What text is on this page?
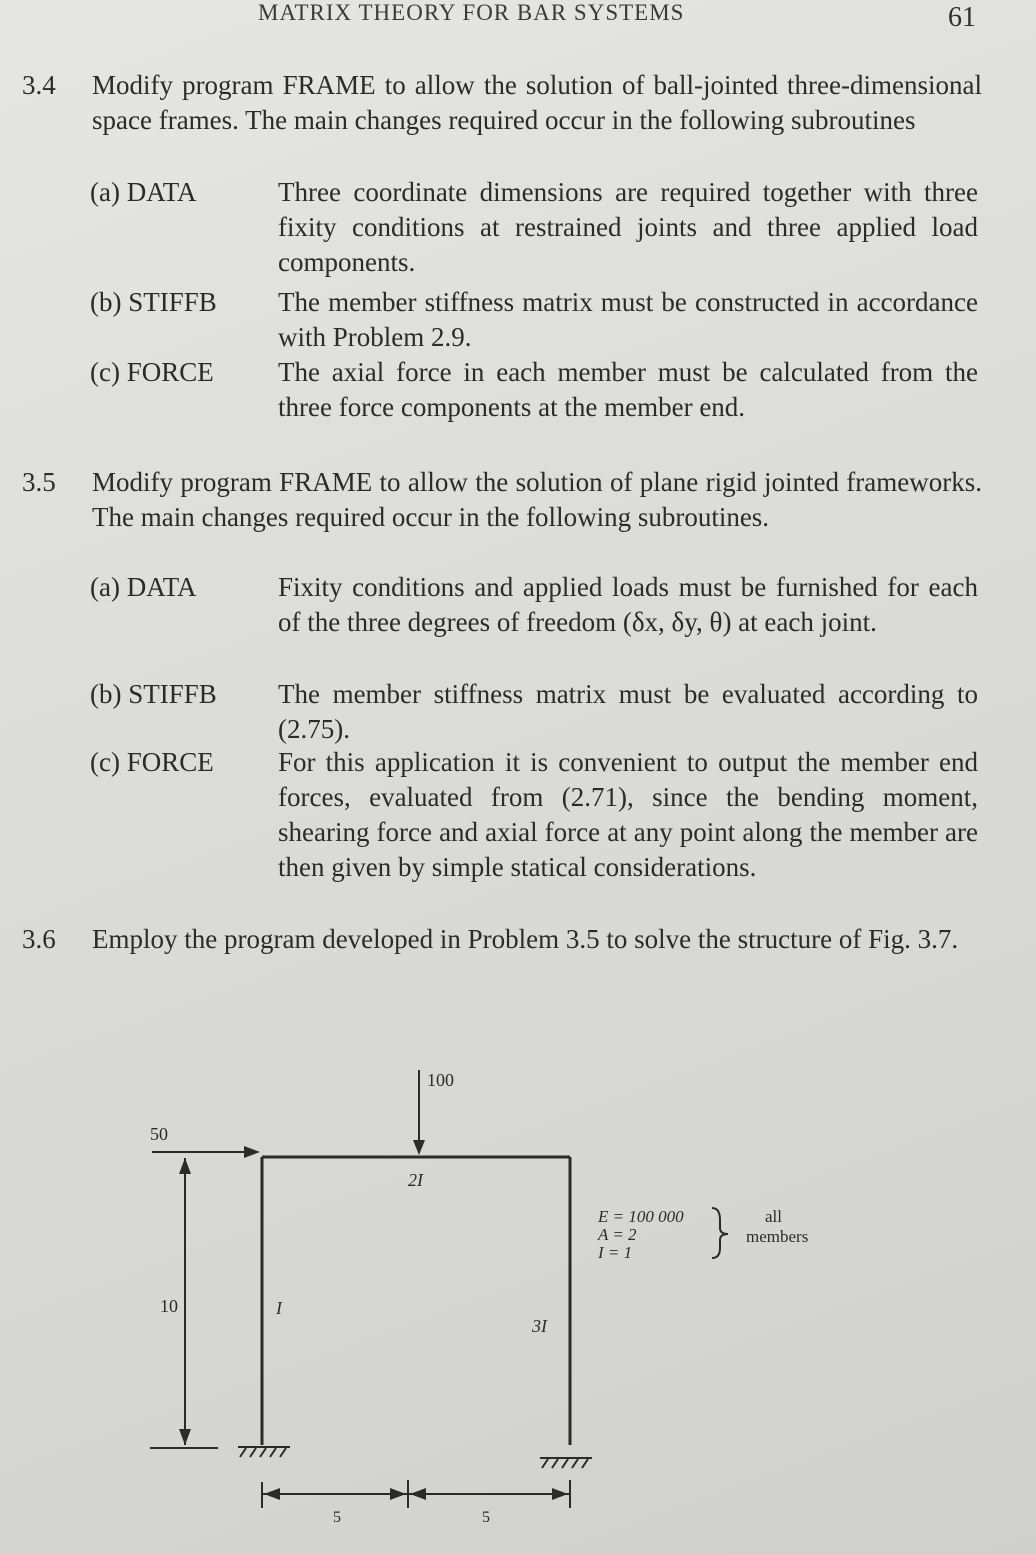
MATRIX THEORY FOR BAR SYSTEMS	61
3.4 Modify program FRAME to allow the solution of ball-jointed three-dimensional space frames. The main changes required occur in the following subroutines
(a) DATA	Three coordinate dimensions are required together with three fixity conditions at restrained joints and three applied load components.
(b) STIFFB The member stiffness matrix must be constructed in accordance with Problem 2.9.
(c) FORCE The axial force in each member must be calculated from the three force components at the member end.
3.5 Modify program FRAME to allow the solution of plane rigid jointed frameworks. The main changes required occur in the following subroutines.
(a) DATA	Fixity conditions and applied loads must be furnished for each of the three degrees of freedom (δx, δy, θ) at each joint.
(b) STIFFB The member stiffness matrix must be evaluated according to (2.75).
(c) FORCE For this application it is convenient to output the member end forces, evaluated from (2.71), since the bending moment, shearing force and axial force at any point along the member are then given by simple statical considerations.
3.6 Employ the program developed in Problem 3.5 to solve the structure of Fig. 3.7.
50
100
10	I
2I
3I
5	5
E = 100 000
A = 2
I = 1
all
members
